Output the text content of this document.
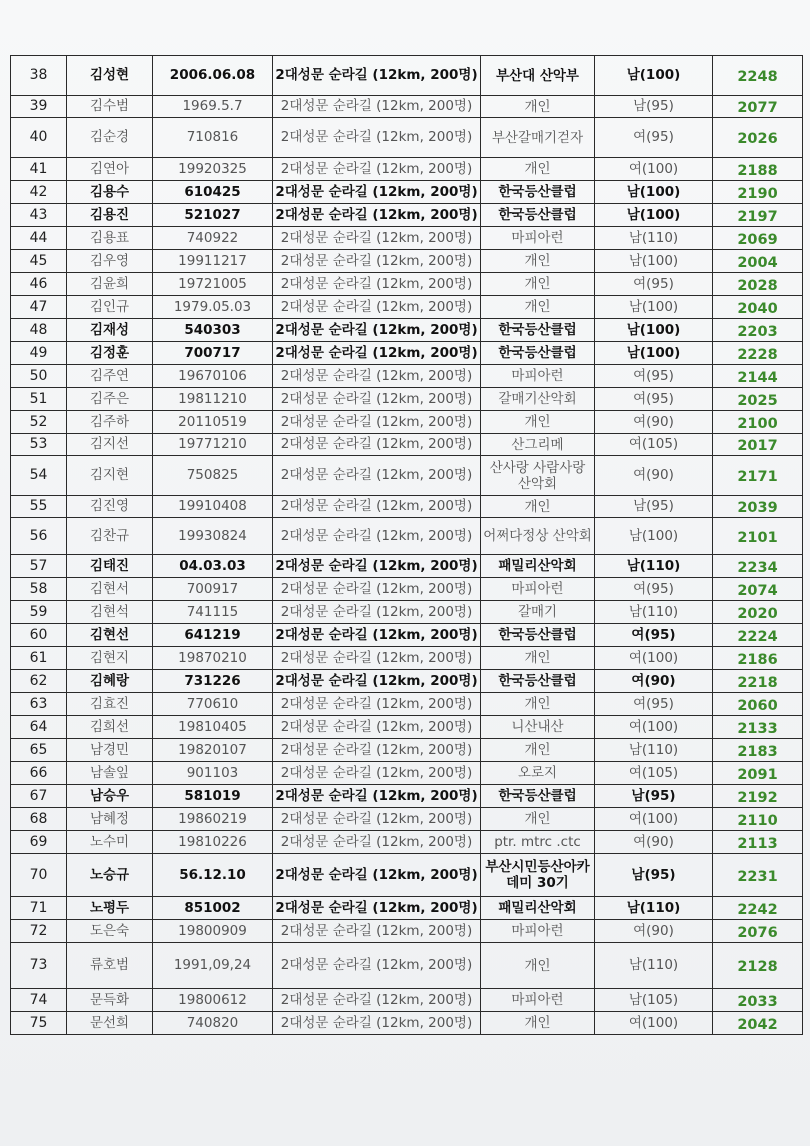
38	김성현	2006.06.08	2대성문 순라길 (12km, 200명)	부산대 산악부	남(100)	2248
39	김수범	1969.5.7	2대성문 순라길 (12km, 200명)	개인	남(95)	2077
40	김순경	710816	2대성문 순라길 (12km, 200명)	부산갈매기걷자	여(95)	2026
41	김연아	19920325	2대성문 순라길 (12km, 200명)	개인	여(100)	2188
42	김용수	610425	2대성문 순라길 (12km, 200명)	한국등산클럽	남(100)	2190
43	김용진	521027	2대성문 순라길 (12km, 200명)	한국등산클럽	남(100)	2197
44	김용표	740922	2대성문 순라길 (12km, 200명)	마피아런	남(110)	2069
45	김우영	19911217	2대성문 순라길 (12km, 200명)	개인	남(100)	2004
46	김윤희	19721005	2대성문 순라길 (12km, 200명)	개인	여(95)	2028
47	김인규	1979.05.03	2대성문 순라길 (12km, 200명)	개인	남(100)	2040
48	김재성	540303	2대성문 순라길 (12km, 200명)	한국등산클럽	남(100)	2203
49	김정훈	700717	2대성문 순라길 (12km, 200명)	한국등산클럽	남(100)	2228
50	김주연	19670106	2대성문 순라길 (12km, 200명)	마피아런	여(95)	2144
51	김주은	19811210	2대성문 순라길 (12km, 200명)	갈매기산악회	여(95)	2025
52	김주하	20110519	2대성문 순라길 (12km, 200명)	개인	여(90)	2100
53	김지선	19771210	2대성문 순라길 (12km, 200명)	산그리메	여(105)	2017
54	김지현	750825	2대성문 순라길 (12km, 200명)	산사랑 사람사랑 산악회	여(90)	2171
55	김진영	19910408	2대성문 순라길 (12km, 200명)	개인	남(95)	2039
56	김찬규	19930824	2대성문 순라길 (12km, 200명)	어쩌다정상 산악회	남(100)	2101
57	김태진	04.03.03	2대성문 순라길 (12km, 200명)	패밀리산악회	남(110)	2234
58	김현서	700917	2대성문 순라길 (12km, 200명)	마피아런	여(95)	2074
59	김현석	741115	2대성문 순라길 (12km, 200명)	갈매기	남(110)	2020
60	김현선	641219	2대성문 순라길 (12km, 200명)	한국등산클럽	여(95)	2224
61	김현지	19870210	2대성문 순라길 (12km, 200명)	개인	여(100)	2186
62	김혜랑	731226	2대성문 순라길 (12km, 200명)	한국등산클럽	여(90)	2218
63	김효진	770610	2대성문 순라길 (12km, 200명)	개인	여(95)	2060
64	김희선	19810405	2대성문 순라길 (12km, 200명)	니산내산	여(100)	2133
65	남경민	19820107	2대성문 순라길 (12km, 200명)	개인	남(110)	2183
66	남솔잎	901103	2대성문 순라길 (12km, 200명)	오로지	여(105)	2091
67	남승우	581019	2대성문 순라길 (12km, 200명)	한국등산클럽	남(95)	2192
68	남혜정	19860219	2대성문 순라길 (12km, 200명)	개인	여(100)	2110
69	노수미	19810226	2대성문 순라길 (12km, 200명)	ptr. mtrc .ctc	여(90)	2113
70	노승규	56.12.10	2대성문 순라길 (12km, 200명)	부산시민등산아카데미 30기	남(95)	2231
71	노평두	851002	2대성문 순라길 (12km, 200명)	패밀리산악회	남(110)	2242
72	도은숙	19800909	2대성문 순라길 (12km, 200명)	마피아런	여(90)	2076
73	류호범	1991,09,24	2대성문 순라길 (12km, 200명)	개인	남(110)	2128
74	문득화	19800612	2대성문 순라길 (12km, 200명)	마피아런	남(105)	2033
75	문선희	740820	2대성문 순라길 (12km, 200명)	개인	여(100)	2042
